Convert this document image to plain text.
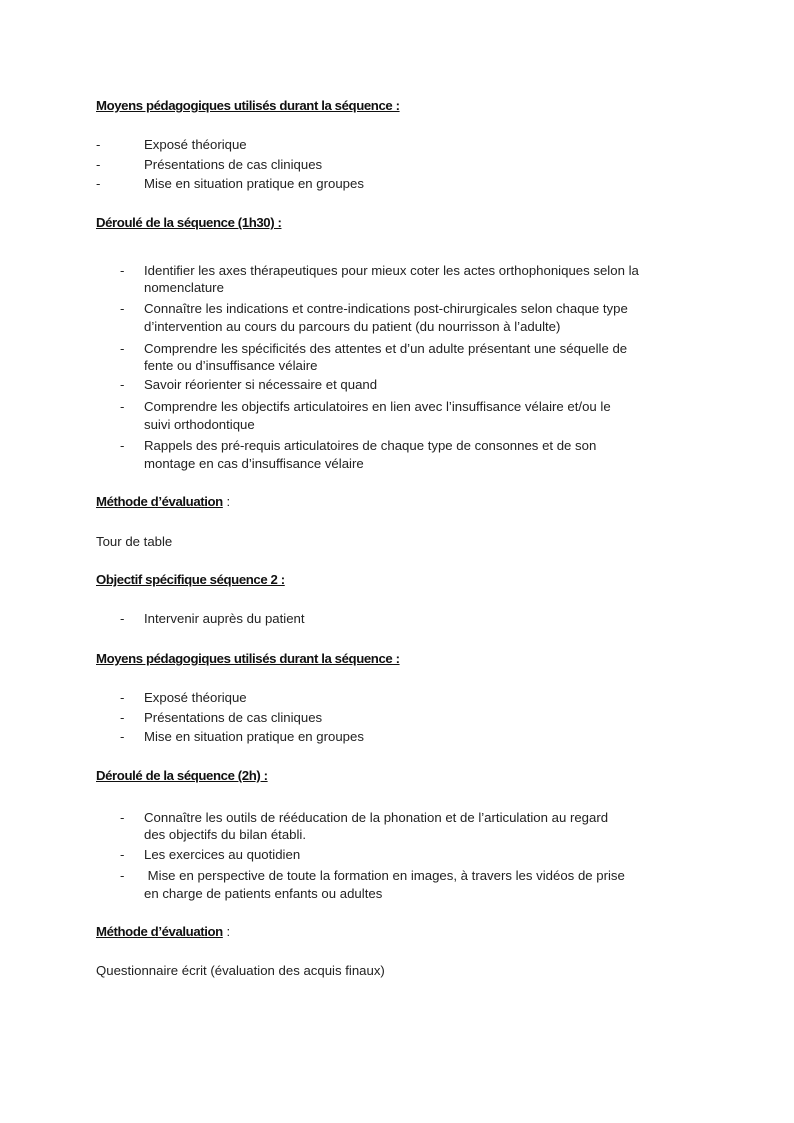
Moyens pédagogiques utilisés durant la séquence :

-	Exposé théorique
-	Présentations de cas cliniques
-	Mise en situation pratique en groupes

Déroulé de la séquence (1h30) :

- Identifier les axes thérapeutiques pour mieux coter les actes orthophoniques selon la

nomenclature

- Connaître les indications et contre-indications post-chirurgicales selon chaque type

d’intervention au cours du parcours du patient (du nourrisson à l’adulte)

- Comprendre les spécificités des attentes et d’un adulte présentant une séquelle de

fente ou d’insuffisance vélaire

- Savoir réorienter si nécessaire et quand
- Comprendre les objectifs articulatoires en lien avec l’insuffisance vélaire et/ou le

suivi orthodontique

- Rappels des pré-requis articulatoires de chaque type de consonnes et de son

montage en cas d’insuffisance vélaire

Méthode d’évaluation :

Tour de table

Objectif spécifique séquence 2 :

- Intervenir auprès du patient

Moyens pédagogiques utilisés durant la séquence :

- Exposé théorique
- Présentations de cas cliniques
- Mise en situation pratique en groupes

Déroulé de la séquence (2h) :

- Connaître les outils de rééducation de la phonation et de l’articulation au regard

des objectifs du bilan établi.

- Les exercices au quotidien
- Mise en perspective de toute la formation en images, à travers les vidéos de prise

en charge de patients enfants ou adultes

Méthode d’évaluation :

Questionnaire écrit (évaluation des acquis finaux)
